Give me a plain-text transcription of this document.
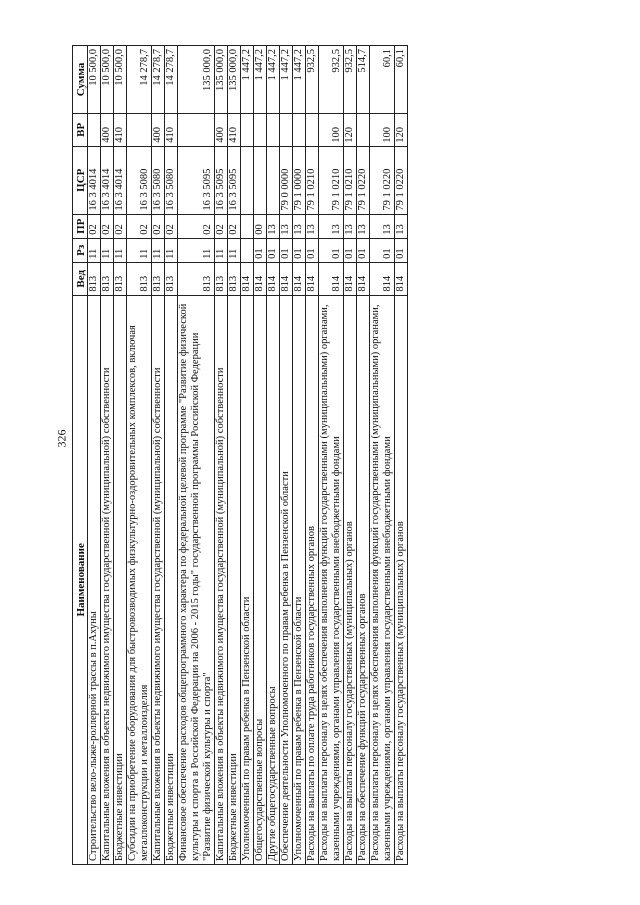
326
Наименование	Вед	Рз	ПР	ЦСР	ВР	Сумма
Строительство вело-лыже-роллерной трассы в п.Ахуны	813	11	02	16 3 4014		10 500,0
Капитальные вложения в объекты недвижимого имущества государственной (муниципальной) собственности	813	11	02	16 3 4014	400	10 500,0
Бюджетные инвестиции	813	11	02	16 3 4014	410	10 500,0
Субсидии на приобретение оборудования для быстровозводимых физкультурно-оздоровительных комплексов, включая металлоконструкции и металлоизделия	813	11	02	16 3 5080		14 278,7
Капитальные вложения в объекты недвижимого имущества государственной (муниципальной) собственности	813	11	02	16 3 5080	400	14 278,7
Бюджетные инвестиции	813	11	02	16 3 5080	410	14 278,7
Финансовое обеспечение расходов общепрограммного характера по федеральной целевой программе "Развитие физической культуры и спорта в Российской Федерации на 2006 - 2015 годы" государственной программы Российской Федерации "Развитие физической культуры и спорта"	813	11	02	16 3 5095		135 000,0
Капитальные вложения в объекты недвижимого имущества государственной (муниципальной) собственности	813	11	02	16 3 5095	400	135 000,0
Бюджетные инвестиции	813	11	02	16 3 5095	410	135 000,0
Уполномоченный по правам ребенка в Пензенской области	814					1 447,2
Общегосударственные вопросы	814	01	00			1 447,2
Другие общегосударственные вопросы	814	01	13			1 447,2
Обеспечение деятельности Уполномоченного по правам ребенка в Пензенской области	814	01	13	79 0 0000		1 447,2
Уполномоченный по правам ребенка в Пензенской области	814	01	13	79 1 0000		1 447,2
Расходы на выплаты по оплате труда работников государственных органов	814	01	13	79 1 0210		932,5
Расходы на выплаты персоналу в целях обеспечения выполнения функций государственными (муниципальными) органами, казенными учреждениями, органами управления государственными внебюджетными фондами	814	01	13	79 1 0210	100	932,5
Расходы на выплаты персоналу государственных (муниципальных) органов	814	01	13	79 1 0210	120	932,5
Расходы на обеспечение функций государственных органов	814	01	13	79 1 0220		514,7
Расходы на выплаты персоналу в целях обеспечения выполнения функций государственными (муниципальными) органами, казенными учреждениями, органами управления государственными внебюджетными фондами	814	01	13	79 1 0220	100	60,1
Расходы на выплаты персоналу государственных (муниципальных) органов	814	01	13	79 1 0220	120	60,1
